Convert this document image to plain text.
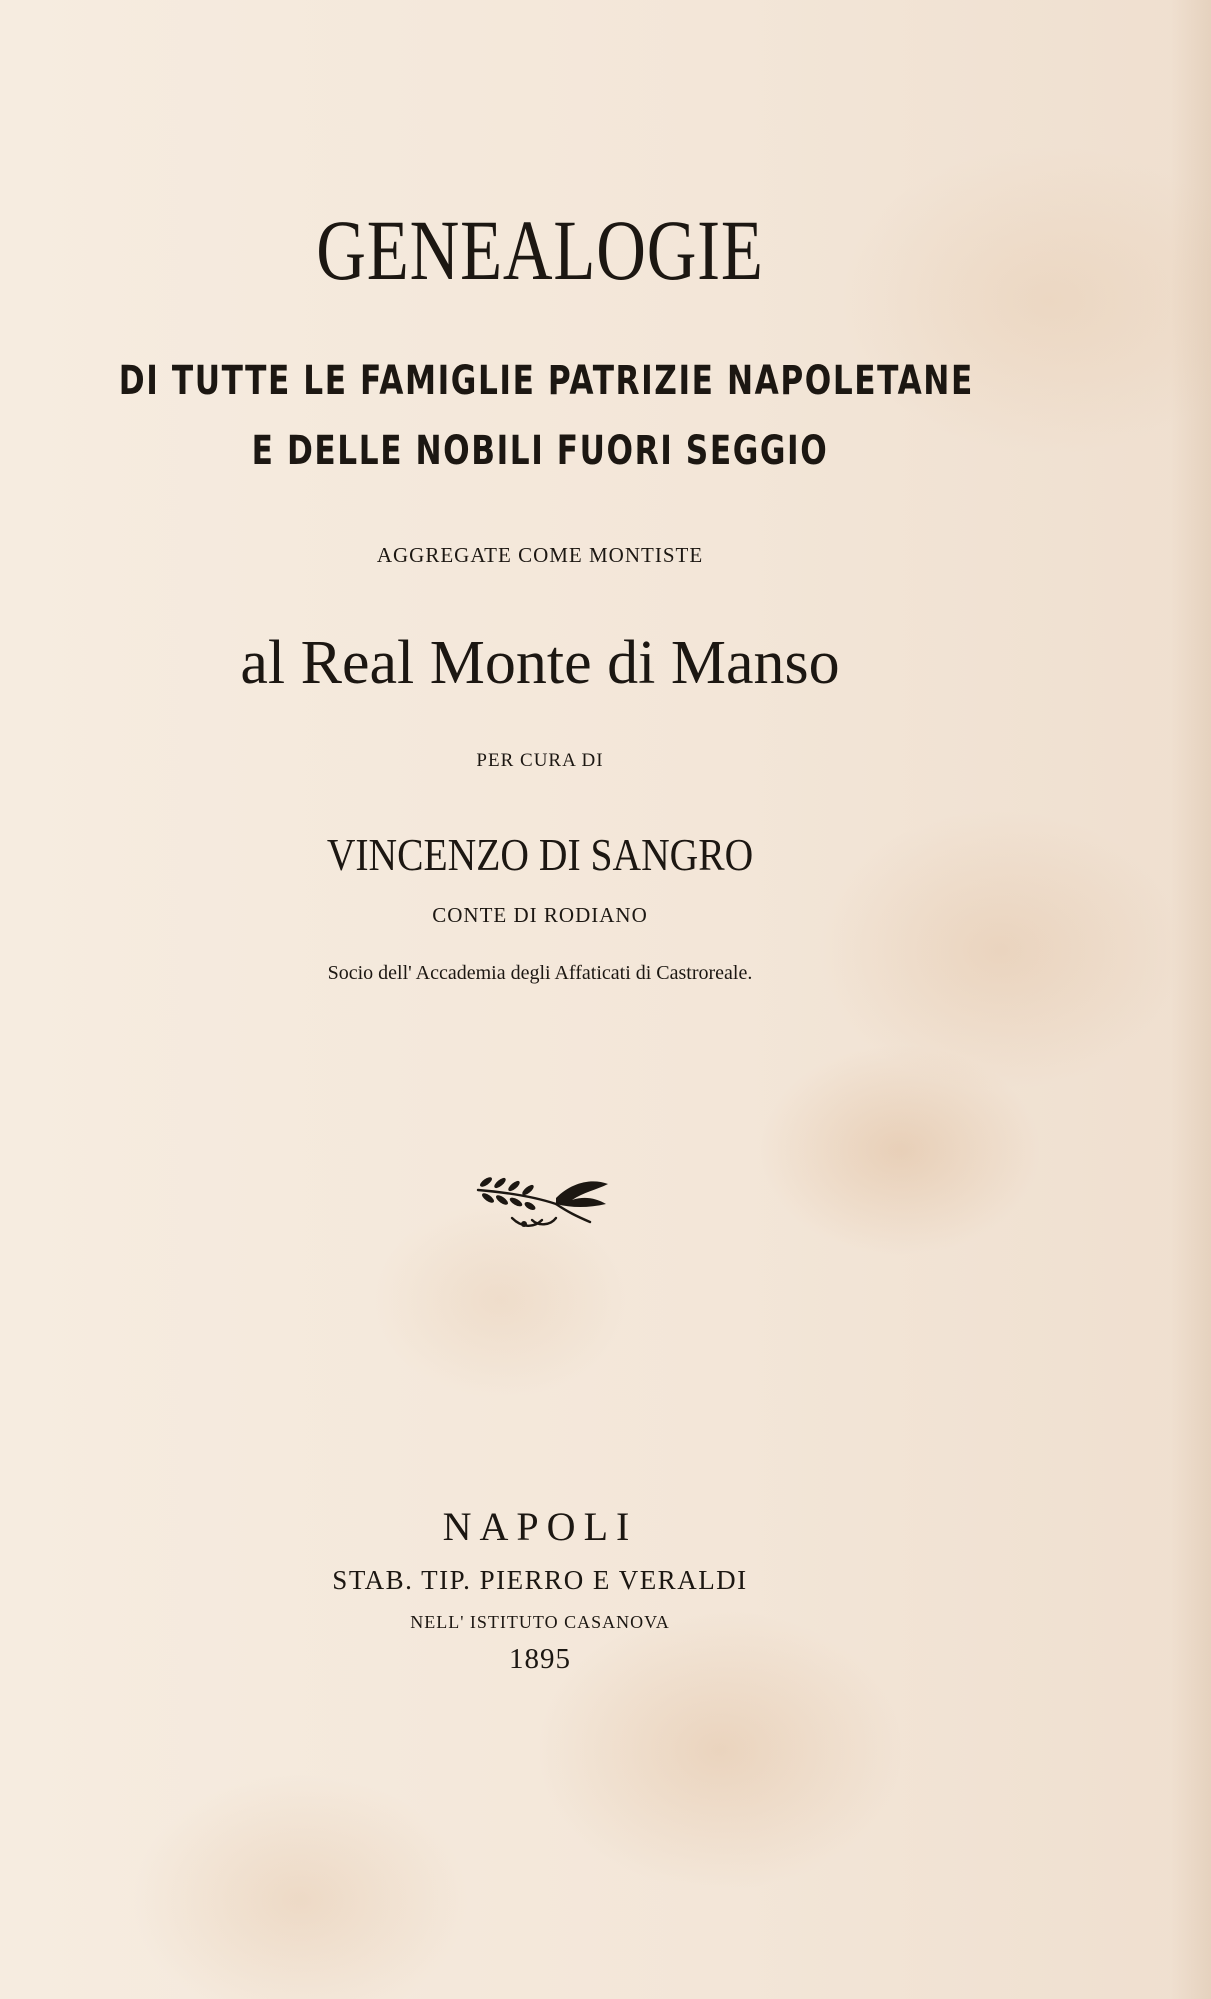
GENEALOGIE
DI TUTTE LE FAMIGLIE PATRIZIE NAPOLETANE
E DELLE NOBILI FUORI SEGGIO
AGGREGATE COME MONTISTE
al Real Monte di Manso
PER CURA DI
VINCENZO DI SANGRO
CONTE DI RODIANO
Socio dell' Accademia degli Affaticati di Castroreale.
NAPOLI
STAB. TIP. PIERRO E VERALDI
NELL' ISTITUTO CASANOVA
1895
